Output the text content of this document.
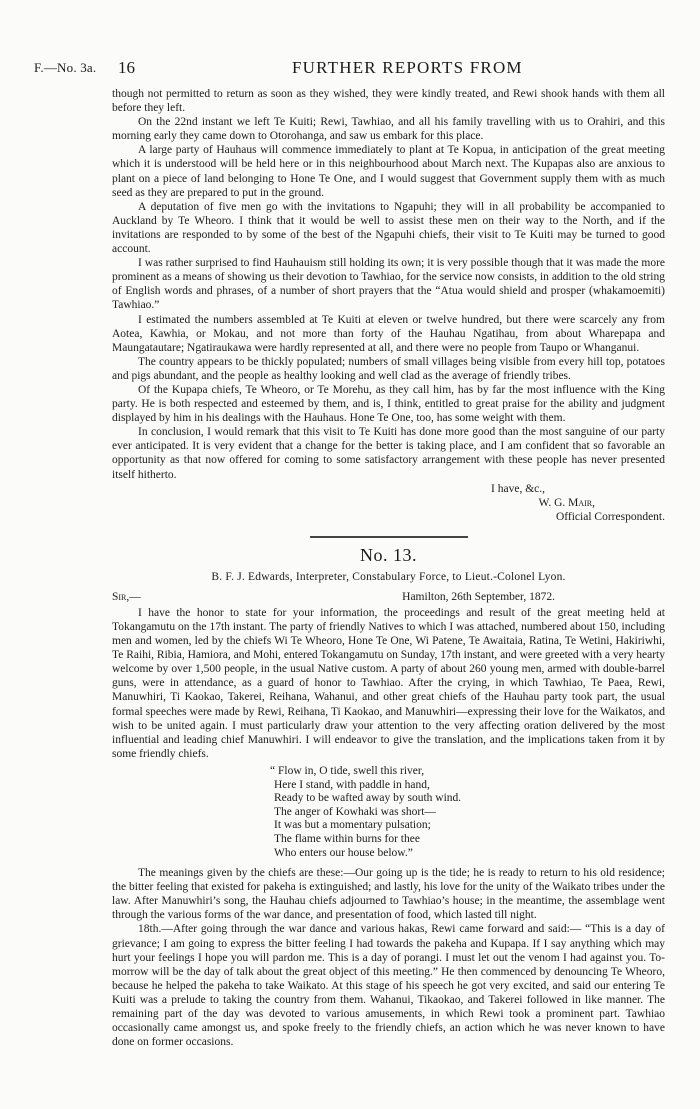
F.—No. 3a. 16	FURTHER REPORTS FROM

though not permitted to return as soon as they wished, they were kindly treated, and Rewi shook hands with them all before they left.

On the 22nd instant we left Te Kuiti; Rewi, Tawhiao, and all his family travelling with us to Orahiri, and this morning early they came down to Otorohanga, and saw us embark for this place.

A large party of Hauhaus will commence immediately to plant at Te Kopua, in anticipation of the great meeting which it is understood will be held here or in this neighbourhood about March next. The Kupapas also are anxious to plant on a piece of land belonging to Hone Te One, and I would suggest that Government supply them with as much seed as they are prepared to put in the ground.

A deputation of five men go with the invitations to Ngapuhi; they will in all probability be accompanied to Auckland by Te Wheoro. I think that it would be well to assist these men on their way to the North, and if the invitations are responded to by some of the best of the Ngapuhi chiefs, their visit to Te Kuiti may be turned to good account.

I was rather surprised to find Hauhauism still holding its own; it is very possible though that it was made the more prominent as a means of showing us their devotion to Tawhiao, for the service now consists, in addition to the old string of English words and phrases, of a number of short prayers that the “Atua would shield and prosper (whakamoemiti) Tawhiao.”

I estimated the numbers assembled at Te Kuiti at eleven or twelve hundred, but there were scarcely any from Aotea, Kawhia, or Mokau, and not more than forty of the Hauhau Ngatihau, from about Wharepapa and Maungatautare; Ngatiraukawa were hardly represented at all, and there were no people from Taupo or Whanganui.

The country appears to be thickly populated; numbers of small villages being visible from every hill top, potatoes and pigs abundant, and the people as healthy looking and well clad as the average of friendly tribes.

Of the Kupapa chiefs, Te Wheoro, or Te Morehu, as they call him, has by far the most influence with the King party. He is both respected and esteemed by them, and is, I think, entitled to great praise for the ability and judgment displayed by him in his dealings with the Hauhaus. Hone Te One, too, has some weight with them.

In conclusion, I would remark that this visit to Te Kuiti has done more good than the most sanguine of our party ever anticipated. It is very evident that a change for the better is taking place, and I am confident that so favorable an opportunity as that now offered for coming to some satisfactory arrangement with these people has never presented itself hitherto.

I have, &c.,
W. G. Mair,
Official Correspondent.
No. 13.
B. F. J. Edwards, Interpreter, Constabulary Force, to Lieut.-Colonel Lyon.
Sir,—	Hamilton, 26th September, 1872.

I have the honor to state for your information, the proceedings and result of the great meeting held at Tokangamutu on the 17th instant. The party of friendly Natives to which I was attached, numbered about 150, including men and women, led by the chiefs Wi Te Wheoro, Hone Te One, Wi Patene, Te Awaitaia, Ratina, Te Wetini, Hakiriwhi, Te Raihi, Ribia, Hamiora, and Mohi, entered Tokangamutu on Sunday, 17th instant, and were greeted with a very hearty welcome by over 1,500 people, in the usual Native custom. A party of about 260 young men, armed with double-barrel guns, were in attendance, as a guard of honor to Tawhiao. After the crying, in which Tawhiao, Te Paea, Rewi, Manuwhiri, Ti Kaokao, Takerei, Reihana, Wahanui, and other great chiefs of the Hauhau party took part, the usual formal speeches were made by Rewi, Reihana, Ti Kaokao, and Manuwhiri—expressing their love for the Waikatos, and wish to be united again. I must particularly draw your attention to the very affecting oration delivered by the most influential and leading chief Manuwhiri. I will endeavor to give the translation, and the implications taken from it by some friendly chiefs.

“ Flow in, O tide, swell this river,
Here I stand, with paddle in hand,
Ready to be wafted away by south wind.
The anger of Kowhaki was short—
It was but a momentary pulsation;
The flame within burns for thee
Who enters our house below.”

The meanings given by the chiefs are these:—Our going up is the tide; he is ready to return to his old residence; the bitter feeling that existed for pakeha is extinguished; and lastly, his love for the unity of the Waikato tribes under the law. After Manuwhiri’s song, the Hauhau chiefs adjourned to Tawhiao’s house; in the meantime, the assemblage went through the various forms of the war dance, and presentation of food, which lasted till night.

18th.—After going through the war dance and various hakas, Rewi came forward and said:— “This is a day of grievance; I am going to express the bitter feeling I had towards the pakeha and Kupapa. If I say anything which may hurt your feelings I hope you will pardon me. This is a day of porangi. I must let out the venom I had against you. To-morrow will be the day of talk about the great object of this meeting.” He then commenced by denouncing Te Wheoro, because he helped the pakeha to take Waikato. At this stage of his speech he got very excited, and said our entering Te Kuiti was a prelude to taking the country from them. Wahanui, Tikaokao, and Takerei followed in like manner. The remaining part of the day was devoted to various amusements, in which Rewi took a prominent part. Tawhiao occasionally came amongst us, and spoke freely to the friendly chiefs, an action which he was never known to have done on former occasions.
